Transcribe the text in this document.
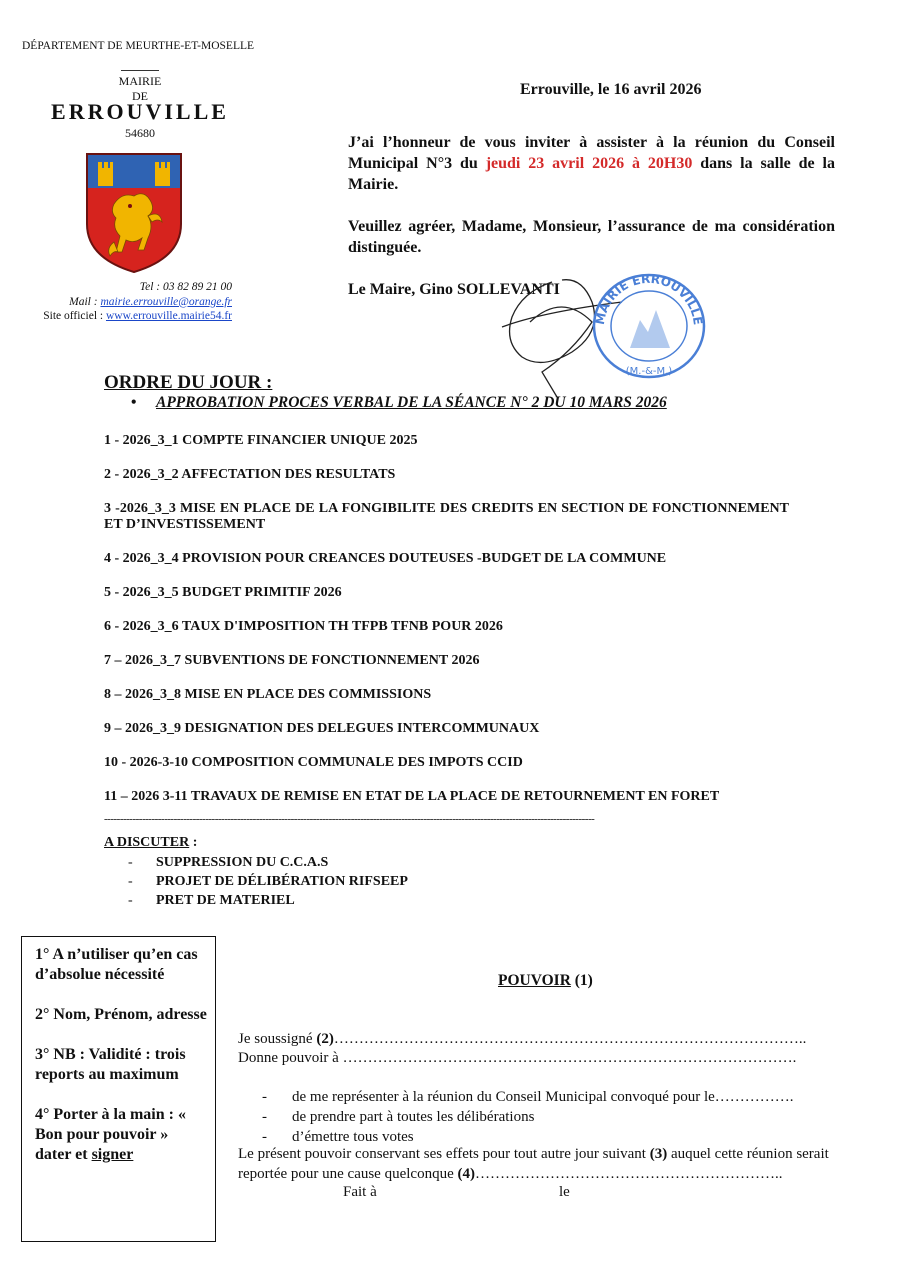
DÉPARTEMENT DE MEURTHE-ET-MOSELLE
MAIRIE
DE
ERROUVILLE
54680
Tel : 03 82 89 21 00
Mail : mairie.errouville@orange.fr
Site officiel : www.errouville.mairie54.fr
Errouville, le 16 avril 2026

J’ai l’honneur de vous inviter à assister à la réunion du Conseil Municipal N°3 du jeudi 23 avril 2026 à 20H30 dans la salle de la Mairie.

Veuillez agréer, Madame, Monsieur, l’assurance de ma considération distinguée.

Le Maire, Gino SOLLEVANTI
MAIRIE ERROUVILLE
(M.-&-M.)
ORDRE DU JOUR :
• APPROBATION PROCES VERBAL DE LA SÉANCE N° 2 DU 10 MARS 2026
1 - 2026_3_1 COMPTE FINANCIER UNIQUE 2025
2 - 2026_3_2 AFFECTATION DES RESULTATS
3 -2026_3_3 MISE EN PLACE DE LA FONGIBILITE DES CREDITS EN SECTION DE FONCTIONNEMENT ET D’INVESTISSEMENT
4 - 2026_3_4 PROVISION POUR CREANCES DOUTEUSES -BUDGET DE LA COMMUNE
5 - 2026_3_5 BUDGET PRIMITIF 2026
6 - 2026_3_6 TAUX D'IMPOSITION TH TFPB TFNB POUR 2026
7 – 2026_3_7 SUBVENTIONS DE FONCTIONNEMENT 2026
8 – 2026_3_8 MISE EN PLACE DES COMMISSIONS
9 – 2026_3_9 DESIGNATION DES DELEGUES INTERCOMMUNAUX
10 - 2026-3-10 COMPOSITION COMMUNALE DES IMPOTS CCID
11 – 2026 3-11 TRAVAUX DE REMISE EN ETAT DE LA PLACE DE RETOURNEMENT EN FORET
-----------------------------------------------------------------------------------------------------------------------------------------------------------
A DISCUTER :
- SUPPRESSION DU C.C.A.S
- PROJET DE DÉLIBÉRATION RIFSEEP
- PRET DE MATERIEL

1° A n’utiliser qu’en cas d’absolue nécessité

2° Nom, Prénom, adresse

3° NB : Validité : trois reports au maximum

4° Porter à la main : « Bon pour pouvoir » dater et signer

POUVOIR (1)
Je soussigné (2)…………………………………………………………………………………..
Donne pouvoir à ……………………………………………………………………………….
- de me représenter à la réunion du Conseil Municipal convoqué pour le…………….
- de prendre part à toutes les délibérations
- d’émettre tous votes

Le présent pouvoir conservant ses effets pour tout autre jour suivant (3) auquel cette réunion serait reportée pour une cause quelconque (4)……………………………………………………..

Fait à	le
